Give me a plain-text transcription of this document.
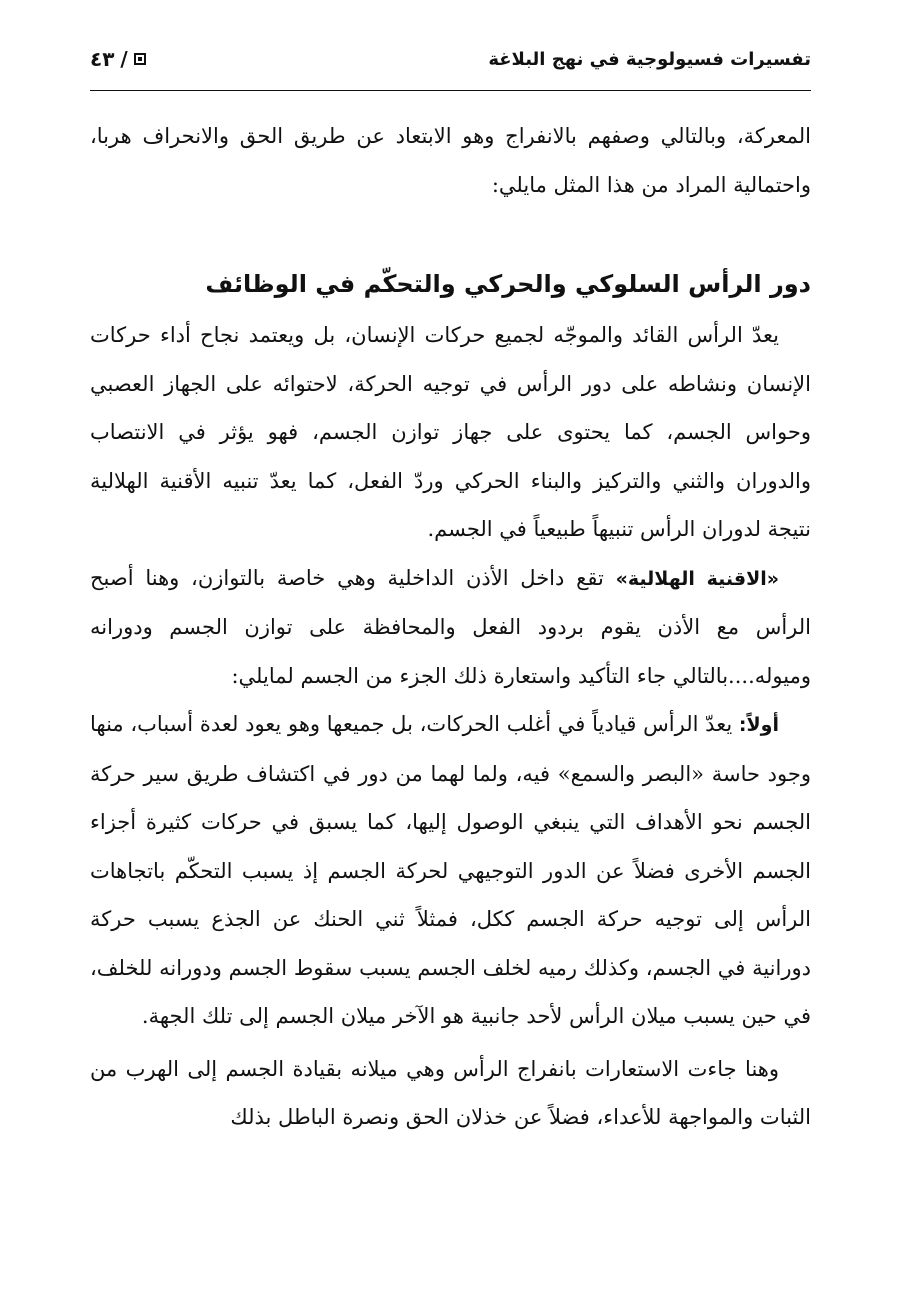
تفسيرات فسيولوجية في نهج البلاغة
٤٣ /

المعركة، وبالتالي وصفهم بالانفراج وهو الابتعاد عن طريق الحق والانحراف هربا، واحتمالية المراد من هذا المثل مايلي:

دور الرأس السلوكي والحركي والتحكّم في الوظائف

يعدّ الرأس القائد والموجّه لجميع حركات الإنسان، بل ويعتمد نجاح أداء حركات الإنسان ونشاطه على دور الرأس في توجيه الحركة، لاحتوائه على الجهاز العصبي وحواس الجسم، كما يحتوى على جهاز توازن الجسم، فهو يؤثر في الانتصاب والدوران والثني والتركيز والبناء الحركي وردّ الفعل، كما يعدّ تنبيه الأقنية الهلالية نتيجة لدوران الرأس تنبيهاً طبيعياً في الجسم.

«الاقنية الهلالية» تقع داخل الأذن الداخلية وهي خاصة بالتوازن، وهنا أصبح الرأس مع الأذن يقوم بردود الفعل والمحافظة على توازن الجسم ودورانه وميوله....بالتالي جاء التأكيد واستعارة ذلك الجزء من الجسم لمايلي:

أولاً: يعدّ الرأس قيادياً في أغلب الحركات، بل جميعها وهو يعود لعدة أسباب، منها وجود حاسة «البصر والسمع» فيه، ولما لهما من دور في اكتشاف طريق سير حركة الجسم نحو الأهداف التي ينبغي الوصول إليها، كما يسبق في حركات كثيرة أجزاء الجسم الأخرى فضلاً عن الدور التوجيهي لحركة الجسم إذ يسبب التحكّم باتجاهات الرأس إلى توجيه حركة الجسم ككل، فمثلاً ثني الحنك عن الجذع يسبب حركة دورانية في الجسم، وكذلك رميه لخلف الجسم يسبب سقوط الجسم ودورانه للخلف، في حين يسبب ميلان الرأس لأحد جانبية هو الآخر ميلان الجسم إلى تلك الجهة.

وهنا جاءت الاستعارات بانفراج الرأس وهي ميلانه بقيادة الجسم إلى الهرب من الثبات والمواجهة للأعداء، فضلاً عن خذلان الحق ونصرة الباطل بذلك
